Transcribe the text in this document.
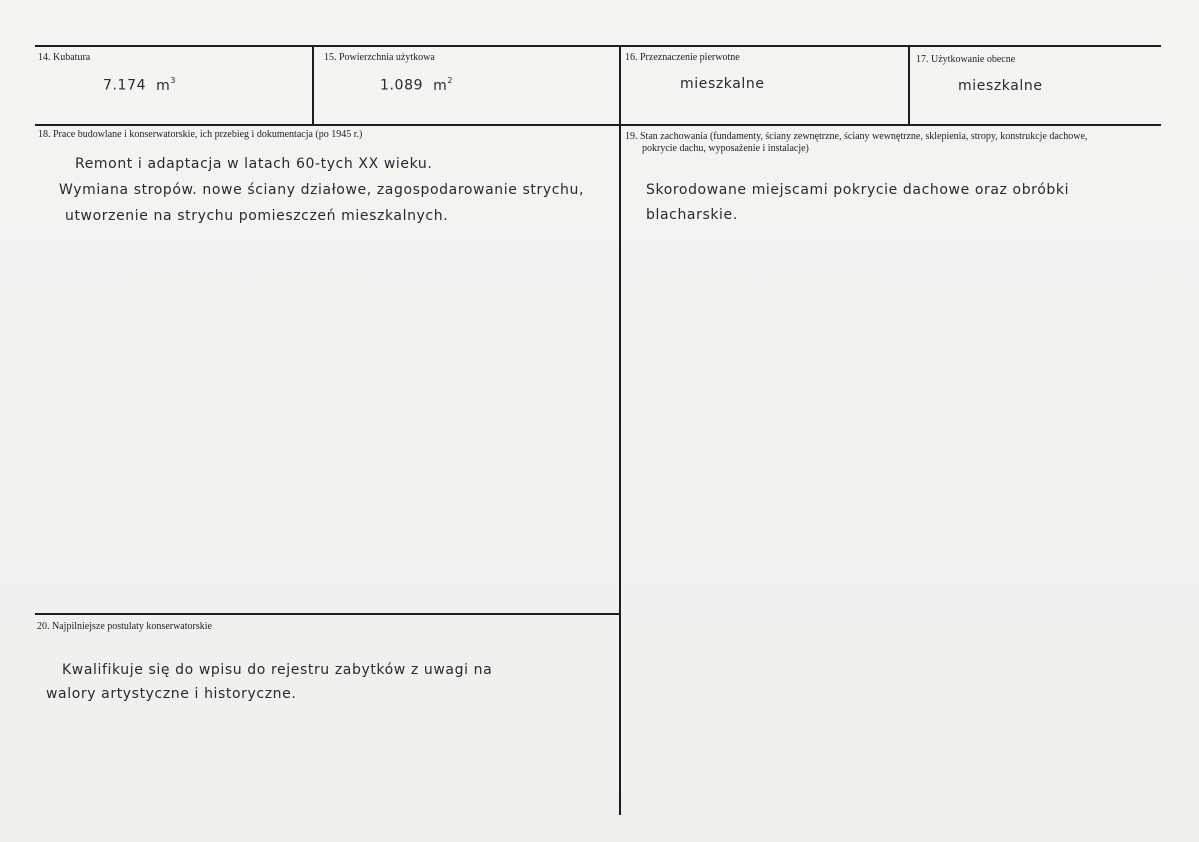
14. Kubatura
7.174 $m^3$
15. Powierzchnia użytkowa
1.089 $m^2$
16. Przeznaczenie pierwotne
mieszkalne
17. Użytkowanie obecne
mieszkalne
18. Prace budowlane i konserwatorskie, ich przebieg i dokumentacja (po 1945 r.)
Remont i adaptacja w latach 60-tych XX wieku.
Wymiana stropów. nowe ściany działowe, zagospodarowanie strychu,
utworzenie na strychu pomieszczeń mieszkalnych.
19. Stan zachowania (fundamenty, ściany zewnętrzne, ściany wewnętrzne, sklepienia, stropy, konstrukcje dachowe,
pokrycie dachu, wyposażenie i instalacje)
Skorodowane miejscami pokrycie dachowe oraz obróbki
blacharskie.
20. Najpilniejsze postulaty konserwatorskie
Kwalifikuje się do wpisu do rejestru zabytków z uwagi na
walory artystyczne i historyczne.
